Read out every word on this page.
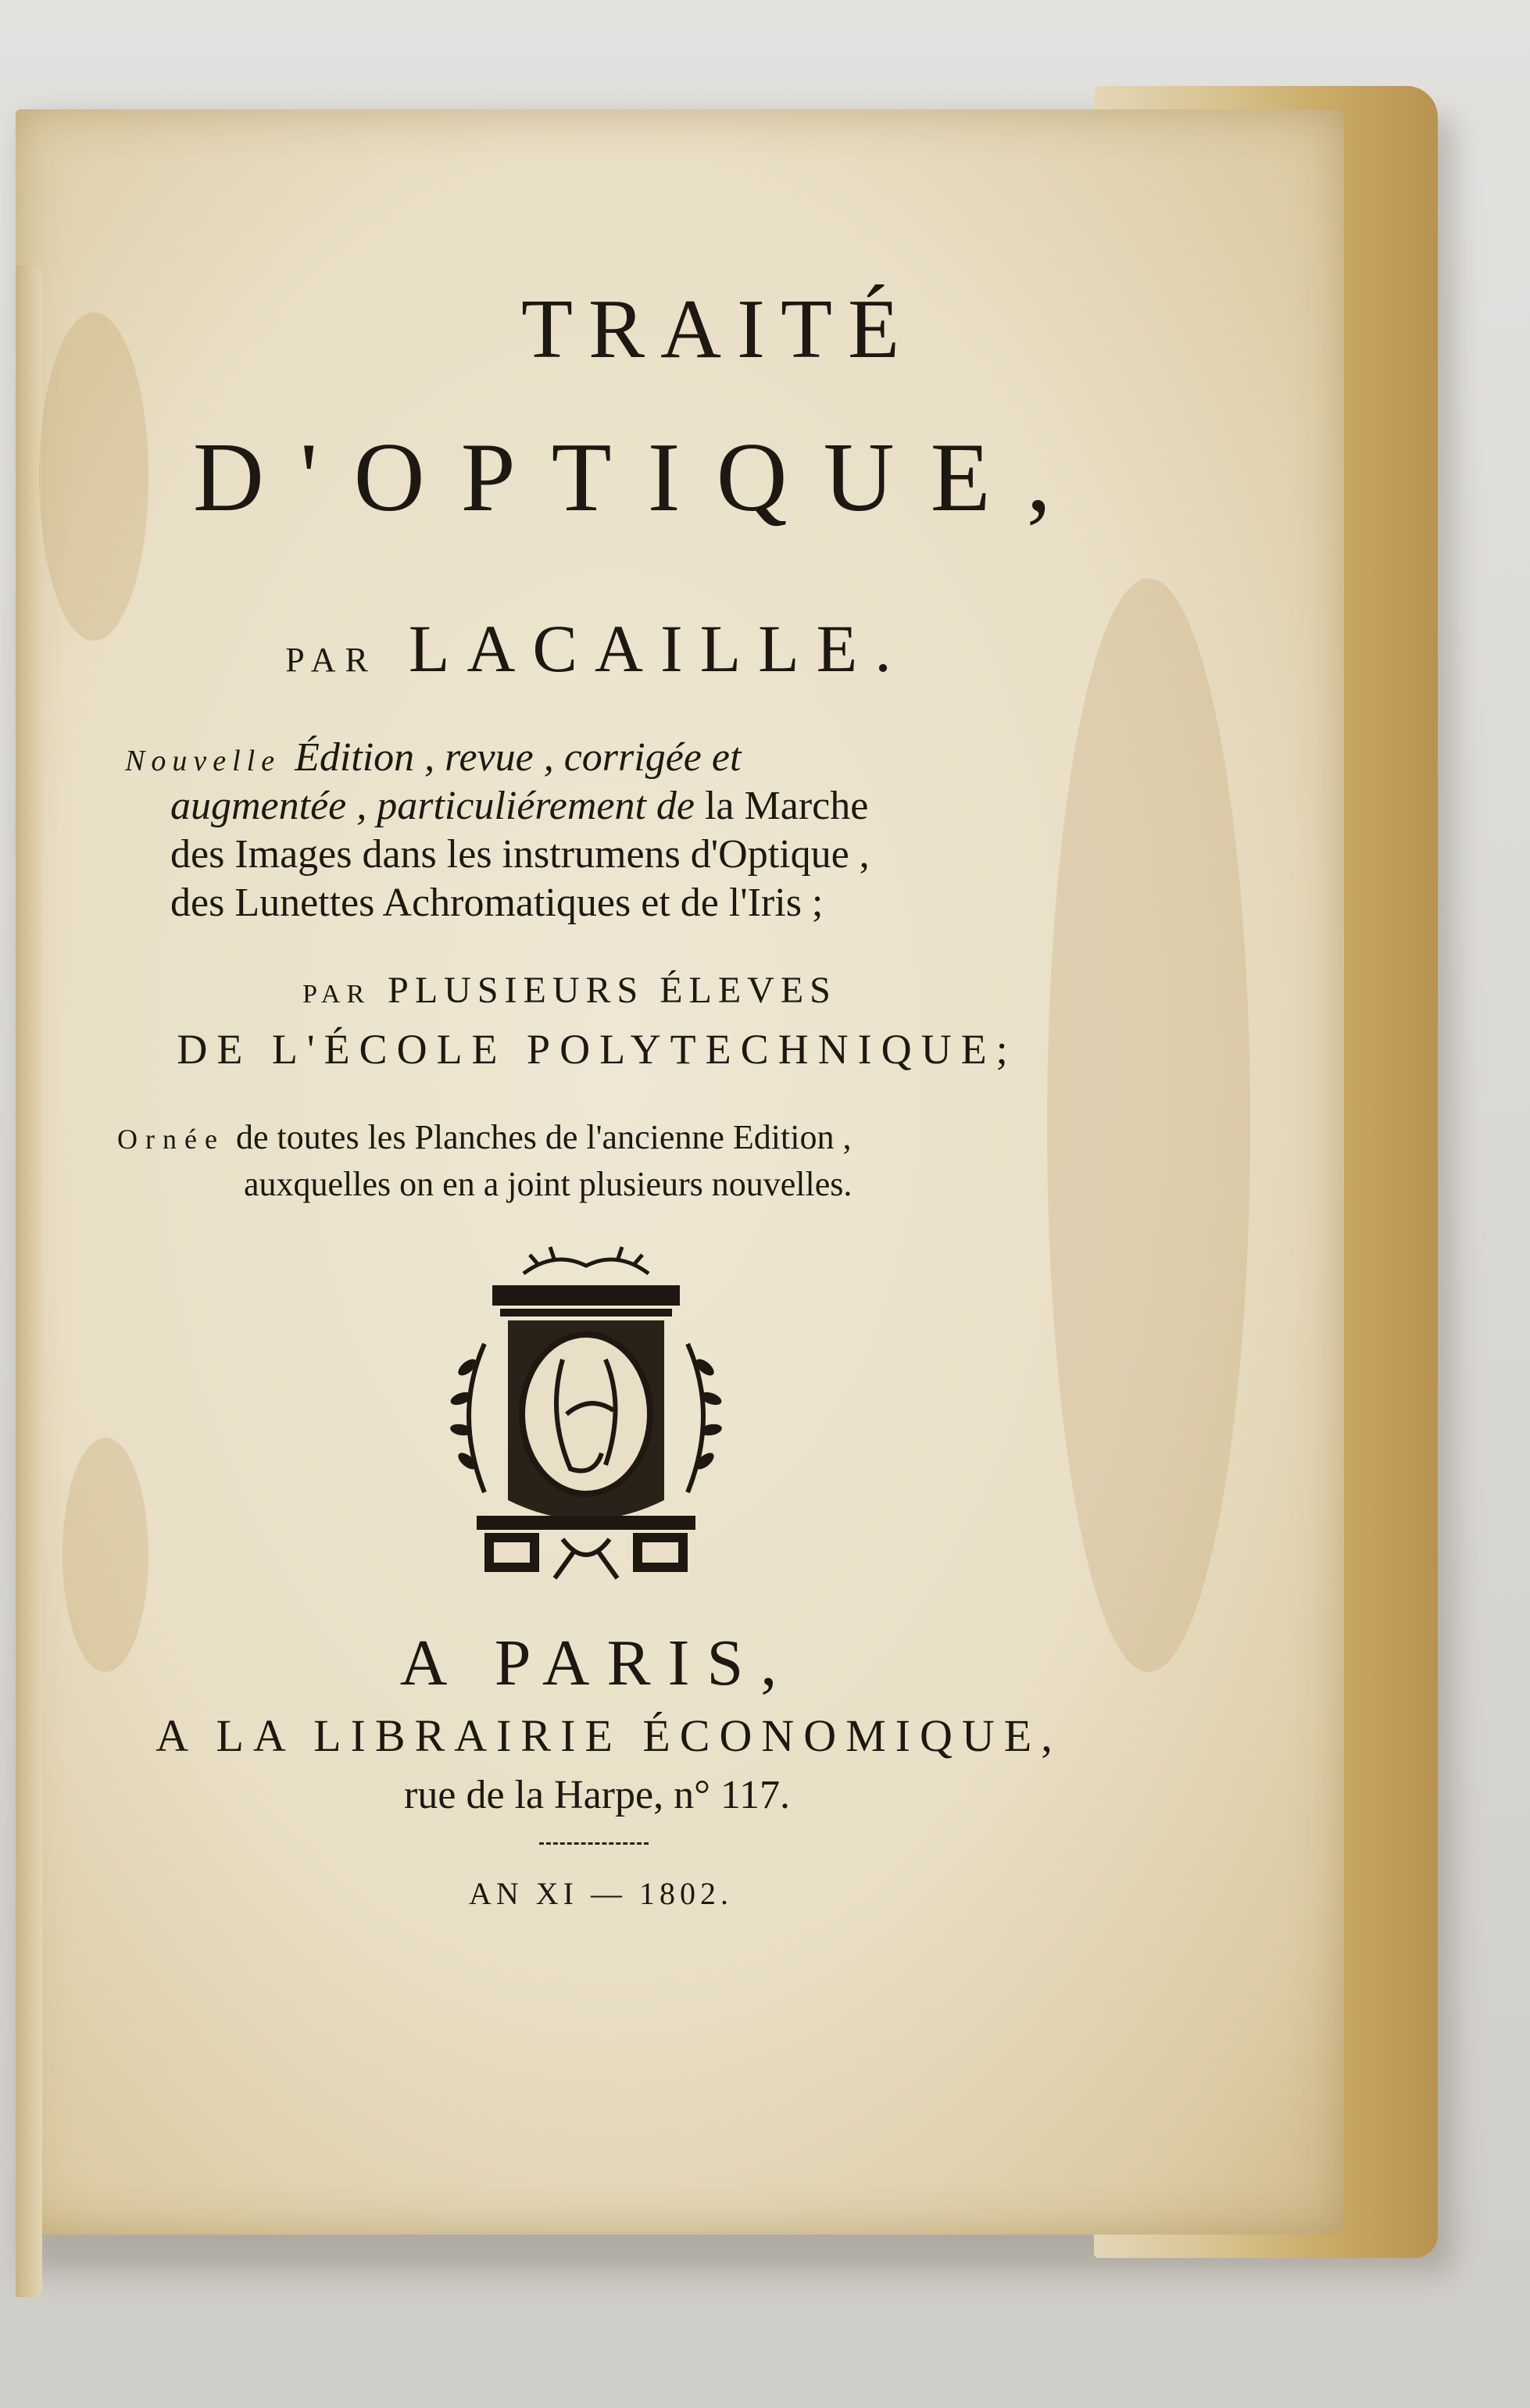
TRAITÉ
D'OPTIQUE,
PAR LACAILLE.
Nouvelle Édition , revue , corrigée et
augmentée , particuliérement de la Marche
des Images dans les instrumens d'Optique ,
des Lunettes Achromatiques et de l'Iris ;
PAR PLUSIEURS ÉLEVES
DE L'ÉCOLE POLYTECHNIQUE;
Ornée de toutes les Planches de l'ancienne Edition ,
auxquelles on en a joint plusieurs nouvelles.
A PARIS,
A LA LIBRAIRIE ÉCONOMIQUE,
rue de la Harpe, n° 117.
AN XI — 1802.
